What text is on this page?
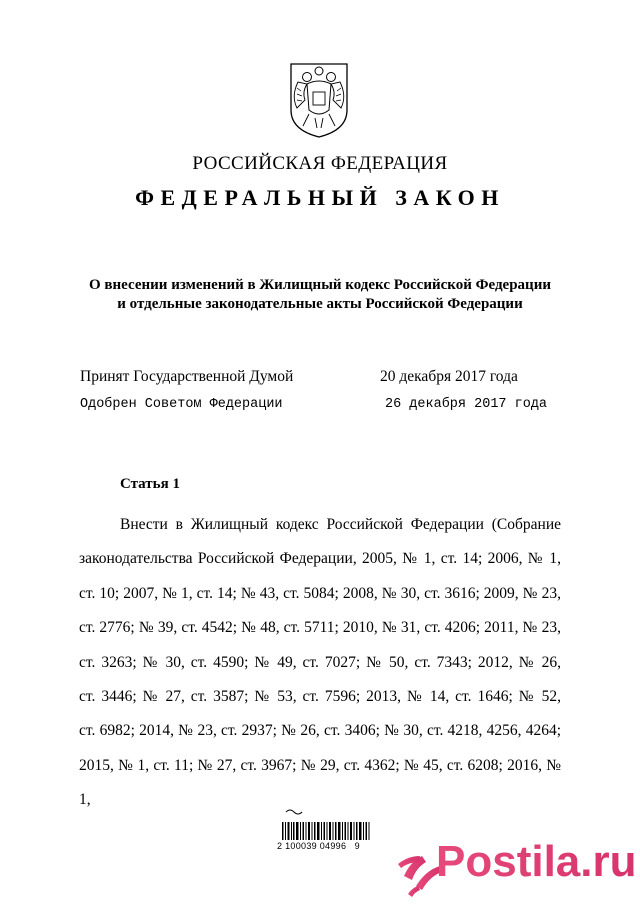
РОССИЙСКАЯ ФЕДЕРАЦИЯ
ФЕДЕРАЛЬНЫЙ ЗАКОН
О внесении изменений в Жилищный кодекс Российской Федерации
и отдельные законодательные акты Российской Федерации
Принят Государственной Думой	20 декабря 2017 года
Одобрен Советом Федерации	26 декабря 2017 года
Статья 1
Внести в Жилищный кодекс Российской Федерации (Собрание
законодательства Российской Федерации, 2005, № 1, ст. 14; 2006, № 1,
ст. 10; 2007, № 1, ст. 14; № 43, ст. 5084; 2008, № 30, ст. 3616; 2009, № 23,
ст. 2776; № 39, ст. 4542; № 48, ст. 5711; 2010, № 31, ст. 4206; 2011, № 23,
ст. 3263; № 30, ст. 4590; № 49, ст. 7027; № 50, ст. 7343; 2012, № 26,
ст. 3446; № 27, ст. 3587; № 53, ст. 7596; 2013, № 14, ст. 1646; № 52,
ст. 6982; 2014, № 23, ст. 2937; № 26, ст. 3406; № 30, ст. 4218, 4256, 4264;
2015, № 1, ст. 11; № 27, ст. 3967; № 29, ст. 4362; № 45, ст. 6208; 2016, № 1,
2 100039 04996   9	Postila.ru
